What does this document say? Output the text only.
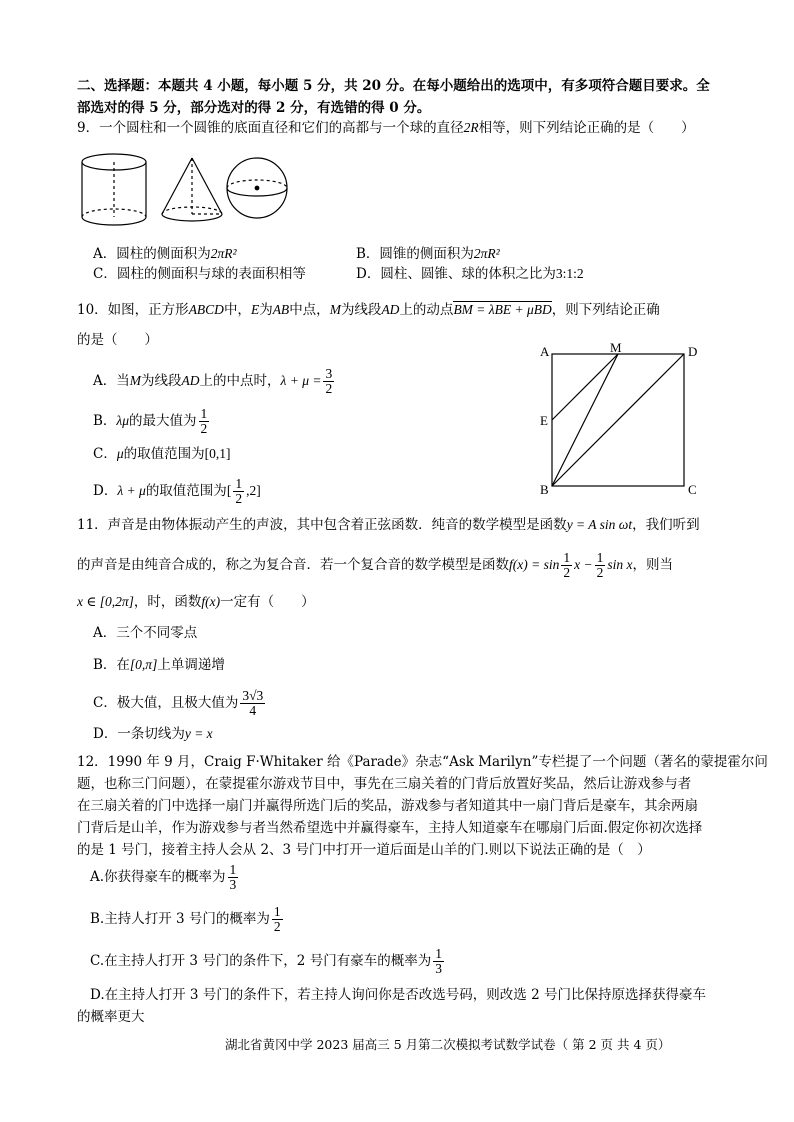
二、选择题：本题共 4 小题，每小题 5 分，共 20 分。在每小题给出的选项中，有多项符合题目要求。全
部选对的得 5 分，部分选对的得 2 分，有选错的得 0 分。
9．一个圆柱和一个圆锥的底面直径和它们的高都与一个球的直径2R相等，则下列结论正确的是（　　）
A．圆柱的侧面积为2πR²	B．圆锥的侧面积为2πR²
C．圆柱的侧面积与球的表面积相等	D．圆柱、圆锥、球的体积之比为3:1:2
10．如图，正方形ABCD中，E为AB中点，M为线段AD上的动点BM = λBE + μBD，则下列结论正确
的是（　　）
A．当M为线段AD上的中点时，$\lambda + \mu = \frac{3}{2}$
B．λμ的最大值为 $\frac{1}{2}$
C．μ的取值范围为[0,1]
D．λ + μ的取值范围为[ $\frac{1}{2} ,2$]
A	M	D
E
B	C
11．声音是由物体振动产生的声波，其中包含着正弦函数．纯音的数学模型是函数y = A sin ωt，我们听到
的声音是由纯音合成的，称之为复合音．若一个复合音的数学模型是函数$f(x) = \sin \frac{1}{2}$ $x - \frac{1}{2}$ sin x，则当
x ∈ [0,2π]，时，函数f(x)一定有（　　）
A．三个不同零点
B．在[0,π]上单调递增
C．极大值，且极大值为 $\frac{3√3}{4}$
D．一条切线为y = x
12．1990 年 9 月，Craig F·Whitaker 给《Parade》杂志“Ask Marilyn”专栏提了一个问题（著名的蒙提霍尔问
题，也称三门问题），在蒙提霍尔游戏节目中，事先在三扇关着的门背后放置好奖品，然后让游戏参与者
在三扇关着的门中选择一扇门并赢得所选门后的奖品，游戏参与者知道其中一扇门背后是豪车，其余两扇
门背后是山羊，作为游戏参与者当然希望选中并赢得豪车，主持人知道豪车在哪扇门后面.假定你初次选择
的是 1 号门，接着主持人会从 2、3 号门中打开一道后面是山羊的门.则以下说法正确的是（　）
A.你获得豪车的概率为 $\frac{1}{3}$
B.主持人打开 3 号门的概率为 $\frac{1}{2}$
C.在主持人打开 3 号门的条件下，2 号门有豪车的概率为 $\frac{1}{3}$
D.在主持人打开 3 号门的条件下，若主持人询问你是否改选号码，则改选 2 号门比保持原选择获得豪车
的概率更大
湖北省黄冈中学 2023 届高三 5 月第二次模拟考试数学试卷（ 第 2 页 共 4 页）
